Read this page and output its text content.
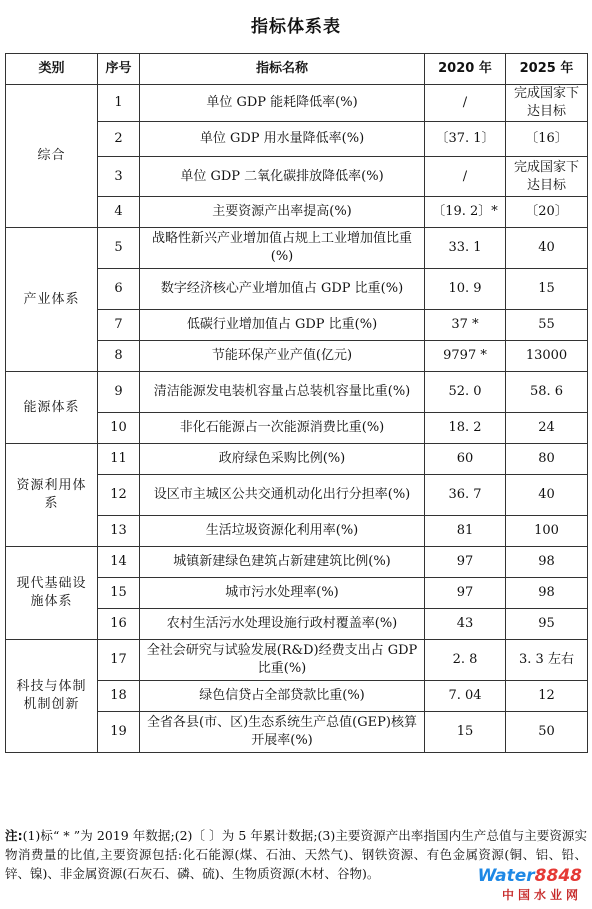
指标体系表
类别	序号	指标名称	2020 年	2025 年
综合	1	单位 GDP 能耗降低率(%)	/	完成国家下达目标
	2	单位 GDP 用水量降低率(%)	〔37. 1〕	〔16〕
	3	单位 GDP 二氧化碳排放降低率(%)	/	完成国家下达目标
	4	主要资源产出率提高(%)	〔19. 2〕*	〔20〕
产业体系	5	战略性新兴产业增加值占规上工业增加值比重(%)	33. 1	40
	6	数字经济核心产业增加值占 GDP 比重(%)	10. 9	15
	7	低碳行业增加值占 GDP 比重(%)	37 *	55
	8	节能环保产业产值(亿元)	9797 *	13000
能源体系	9	清洁能源发电装机容量占总装机容量比重(%)	52. 0	58. 6
	10	非化石能源占一次能源消费比重(%)	18. 2	24
资源利用体系	11	政府绿色采购比例(%)	60	80
	12	设区市主城区公共交通机动化出行分担率(%)	36. 7	40
	13	生活垃圾资源化利用率(%)	81	100
现代基础设施体系	14	城镇新建绿色建筑占新建建筑比例(%)	97	98
	15	城市污水处理率(%)	97	98
	16	农村生活污水处理设施行政村覆盖率(%)	43	95
科技与体制机制创新	17	全社会研究与试验发展(R&D)经费支出占 GDP 比重(%)	2. 8	3. 3 左右
	18	绿色信贷占全部贷款比重(%)	7. 04	12
	19	全省各县(市、区)生态系统生产总值(GEP)核算开展率(%)	15	50
注:(1)标“ * ”为 2019 年数据;(2)〔 〕为 5 年累计数据;(3)主要资源产出率指国内生产总值与主要资源实物消费量的比值,主要资源包括:化石能源(煤、石油、天然气)、钢铁资源、有色金属资源(铜、铝、铅、锌、镍)、非金属资源(石灰石、磷、硫)、生物质资源(木材、谷物)。	Water8848
中国水业网
